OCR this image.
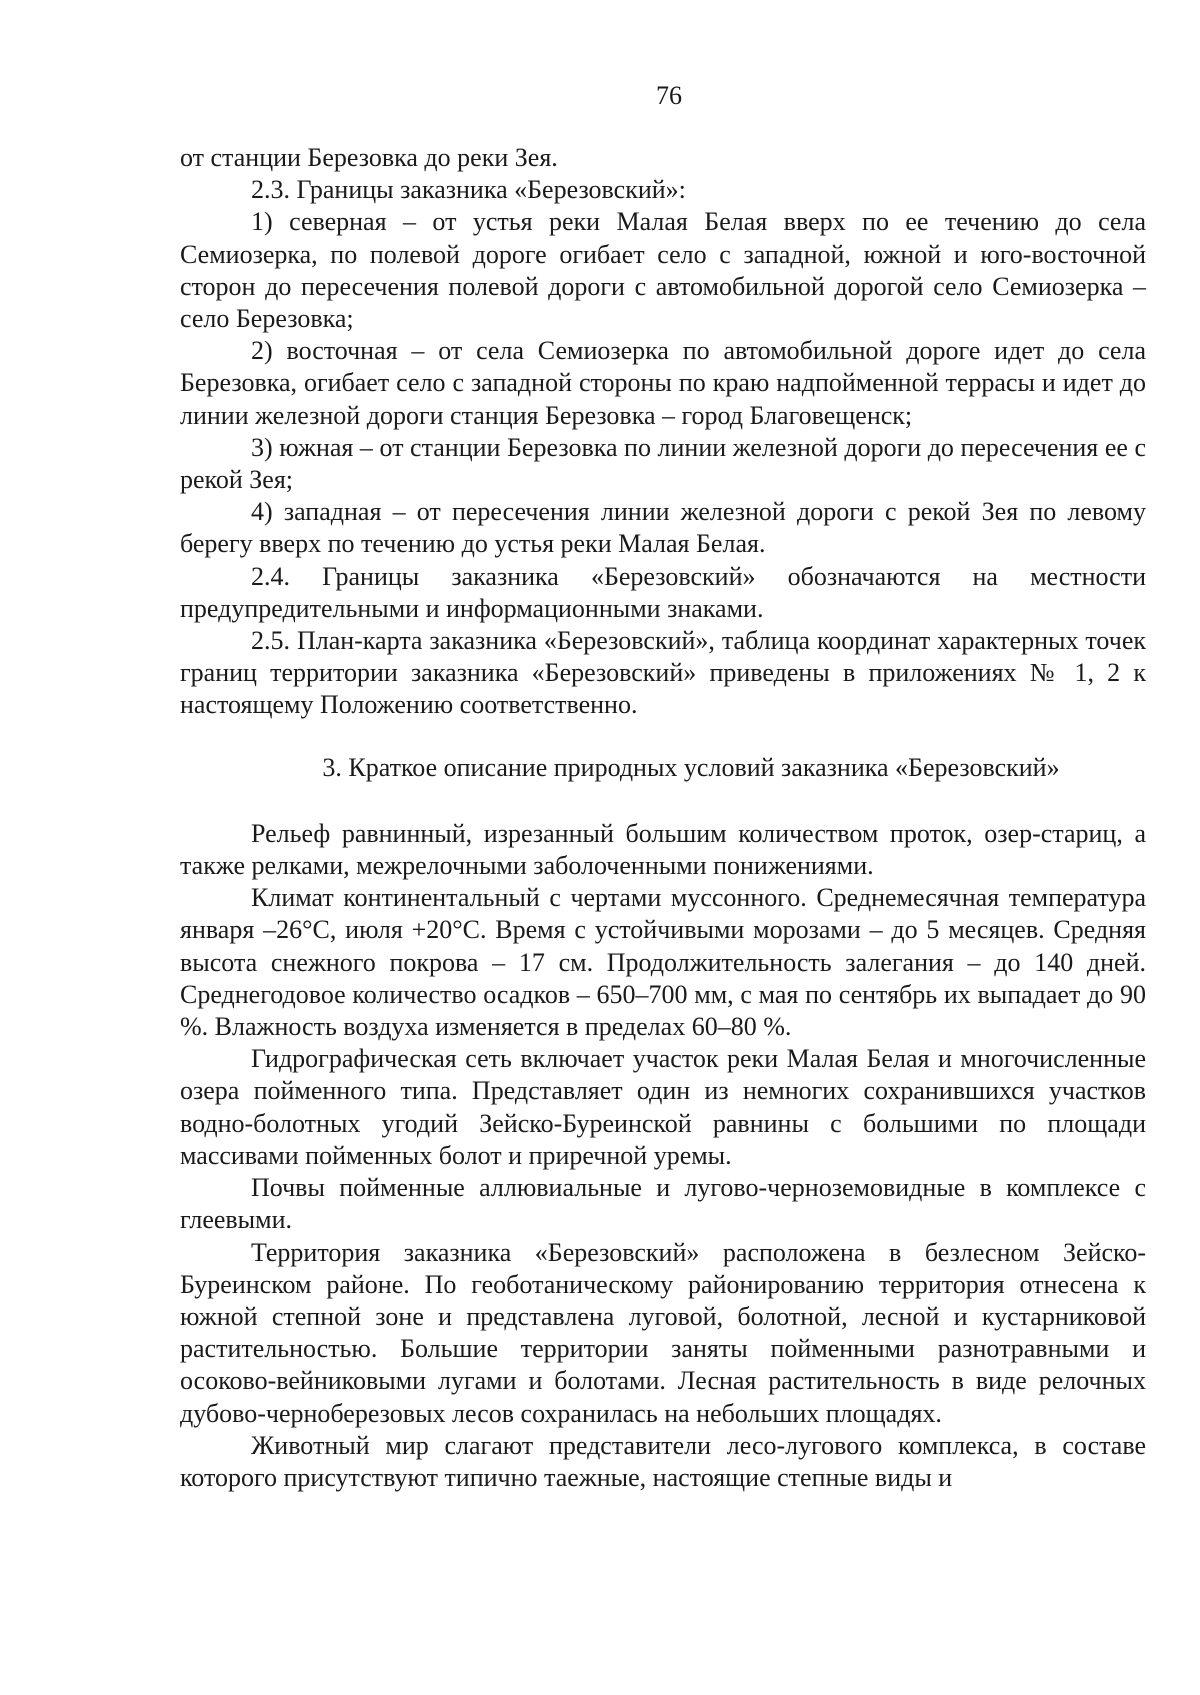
76

от станции Березовка до реки Зея.

2.3. Границы заказника «Березовский»:

1) северная – от устья реки Малая Белая вверх по ее течению до села Семиозерка, по полевой дороге огибает село с западной, южной и юго-восточной сторон до пересечения полевой дороги с автомобильной дорогой село Семиозерка – село Березовка;

2) восточная – от села Семиозерка по автомобильной дороге идет до села Березовка, огибает село с западной стороны по краю надпойменной террасы и идет до линии железной дороги станция Березовка – город Благовещенск;

3) южная – от станции Березовка по линии железной дороги до пересечения ее с рекой Зея;

4) западная – от пересечения линии железной дороги с рекой Зея по левому берегу вверх по течению до устья реки Малая Белая.

2.4. Границы заказника «Березовский» обозначаются на местности предупредительными и информационными знаками.

2.5. План-карта заказника «Березовский», таблица координат характерных точек границ территории заказника «Березовский» приведены в приложениях № 1, 2 к настоящему Положению соответственно.

3. Краткое описание природных условий заказника «Березовский»

Рельеф равнинный, изрезанный большим количеством проток, озер-стариц, а также релками, межрелочными заболоченными понижениями.

Климат континентальный с чертами муссонного. Среднемесячная температура января –26°C, июля +20°C. Время с устойчивыми морозами – до 5 месяцев. Средняя высота снежного покрова – 17 см. Продолжительность залегания – до 140 дней. Среднегодовое количество осадков – 650–700 мм, с мая по сентябрь их выпадает до 90 %. Влажность воздуха изменяется в пределах 60–80 %.

Гидрографическая сеть включает участок реки Малая Белая и многочисленные озера пойменного типа. Представляет один из немногих сохранившихся участков водно-болотных угодий Зейско-Буреинской равнины с большими по площади массивами пойменных болот и приречной уремы.

Почвы пойменные аллювиальные и лугово-черноземовидные в комплексе с глеевыми.

Территория заказника «Березовский» расположена в безлесном Зейско-Буреинском районе. По геоботаническому районированию территория отнесена к южной степной зоне и представлена луговой, болотной, лесной и кустарниковой растительностью. Большие территории заняты пойменными разнотравными и осоково-вейниковыми лугами и болотами. Лесная растительность в виде релочных дубово-черноберезовых лесов сохранилась на небольших площадях.

Животный мир слагают представители лесо-лугового комплекса, в составе которого присутствуют типично таежные, настоящие степные виды и
